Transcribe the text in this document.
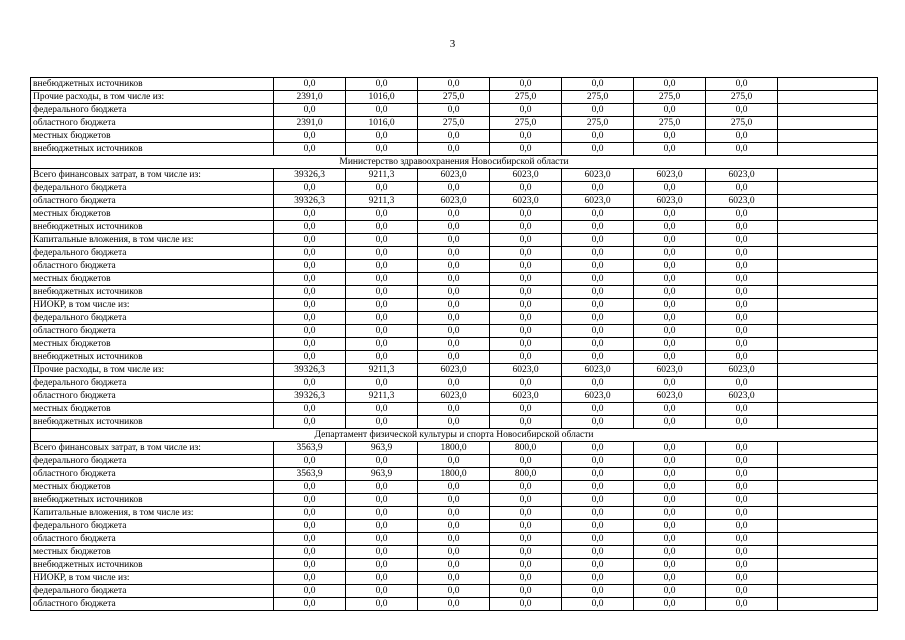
3
внебюджетных источников	0,0	0,0	0,0	0,0	0,0	0,0	0,0	
Прочие расходы, в том числе из:	2391,0	1016,0	275,0	275,0	275,0	275,0	275,0	
федерального бюджета	0,0	0,0	0,0	0,0	0,0	0,0	0,0	
областного бюджета	2391,0	1016,0	275,0	275,0	275,0	275,0	275,0	
местных бюджетов	0,0	0,0	0,0	0,0	0,0	0,0	0,0	
внебюджетных источников	0,0	0,0	0,0	0,0	0,0	0,0	0,0	
Министерство здравоохранения Новосибирской области								
Всего финансовых затрат, в том числе из:	39326,3	9211,3	6023,0	6023,0	6023,0	6023,0	6023,0	
федерального бюджета	0,0	0,0	0,0	0,0	0,0	0,0	0,0	
областного бюджета	39326,3	9211,3	6023,0	6023,0	6023,0	6023,0	6023,0	
местных бюджетов	0,0	0,0	0,0	0,0	0,0	0,0	0,0	
внебюджетных источников	0,0	0,0	0,0	0,0	0,0	0,0	0,0	
Капитальные вложения, в том числе из:	0,0	0,0	0,0	0,0	0,0	0,0	0,0	
федерального бюджета	0,0	0,0	0,0	0,0	0,0	0,0	0,0	
областного бюджета	0,0	0,0	0,0	0,0	0,0	0,0	0,0	
местных бюджетов	0,0	0,0	0,0	0,0	0,0	0,0	0,0	
внебюджетных источников	0,0	0,0	0,0	0,0	0,0	0,0	0,0	
НИОКР, в том числе из:	0,0	0,0	0,0	0,0	0,0	0,0	0,0	
федерального бюджета	0,0	0,0	0,0	0,0	0,0	0,0	0,0	
областного бюджета	0,0	0,0	0,0	0,0	0,0	0,0	0,0	
местных бюджетов	0,0	0,0	0,0	0,0	0,0	0,0	0,0	
внебюджетных источников	0,0	0,0	0,0	0,0	0,0	0,0	0,0	
Прочие расходы, в том числе из:	39326,3	9211,3	6023,0	6023,0	6023,0	6023,0	6023,0	
федерального бюджета	0,0	0,0	0,0	0,0	0,0	0,0	0,0	
областного бюджета	39326,3	9211,3	6023,0	6023,0	6023,0	6023,0	6023,0	
местных бюджетов	0,0	0,0	0,0	0,0	0,0	0,0	0,0	
внебюджетных источников	0,0	0,0	0,0	0,0	0,0	0,0	0,0	
Департамент физической культуры и спорта Новосибирской области								
Всего финансовых затрат, в том числе из:	3563,9	963,9	1800,0	800,0	0,0	0,0	0,0	
федерального бюджета	0,0	0,0	0,0	0,0	0,0	0,0	0,0	
областного бюджета	3563,9	963,9	1800,0	800,0	0,0	0,0	0,0	
местных бюджетов	0,0	0,0	0,0	0,0	0,0	0,0	0,0	
внебюджетных источников	0,0	0,0	0,0	0,0	0,0	0,0	0,0	
Капитальные вложения, в том числе из:	0,0	0,0	0,0	0,0	0,0	0,0	0,0	
федерального бюджета	0,0	0,0	0,0	0,0	0,0	0,0	0,0	
областного бюджета	0,0	0,0	0,0	0,0	0,0	0,0	0,0	
местных бюджетов	0,0	0,0	0,0	0,0	0,0	0,0	0,0	
внебюджетных источников	0,0	0,0	0,0	0,0	0,0	0,0	0,0	
НИОКР, в том числе из:	0,0	0,0	0,0	0,0	0,0	0,0	0,0	
федерального бюджета	0,0	0,0	0,0	0,0	0,0	0,0	0,0	
областного бюджета	0,0	0,0	0,0	0,0	0,0	0,0	0,0	
